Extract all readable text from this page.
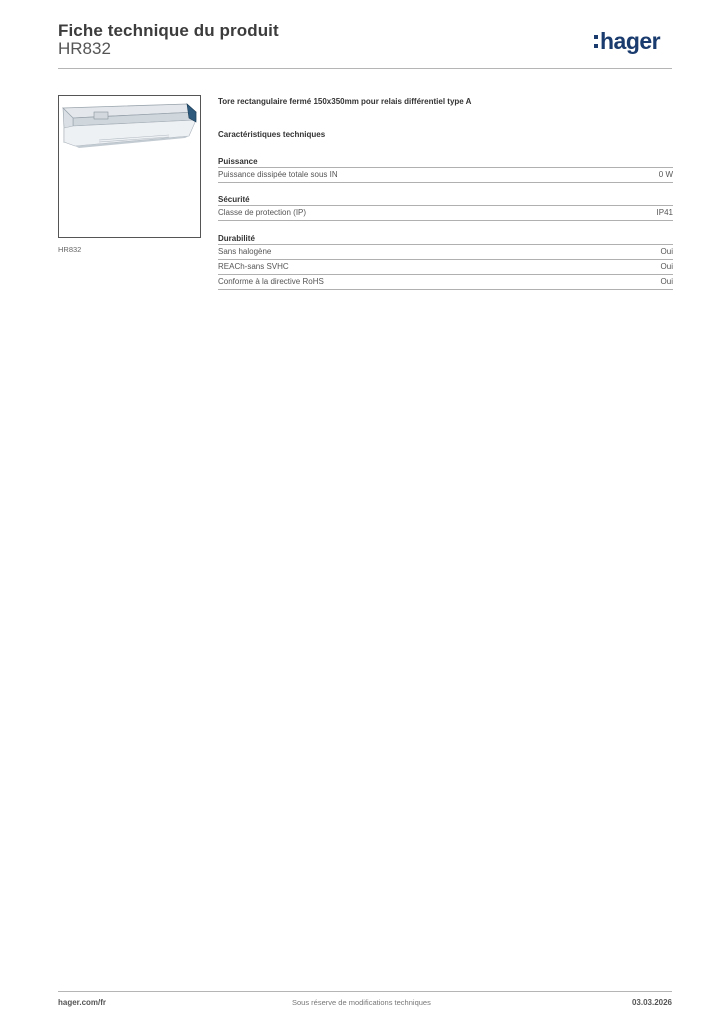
Fiche technique du produit
HR832	hager
HR832
Tore rectangulaire fermé 150x350mm pour relais différentiel type A
Caractéristiques techniques
Puissance
Puissance dissipée totale sous IN	0 W
Sécurité
Classe de protection (IP)	IP41
Durabilité
Sans halogène	Oui
REACh-sans SVHC	Oui
Conforme à la directive RoHS	Oui
hager.com/fr	Sous réserve de modifications techniques	03.03.2026
